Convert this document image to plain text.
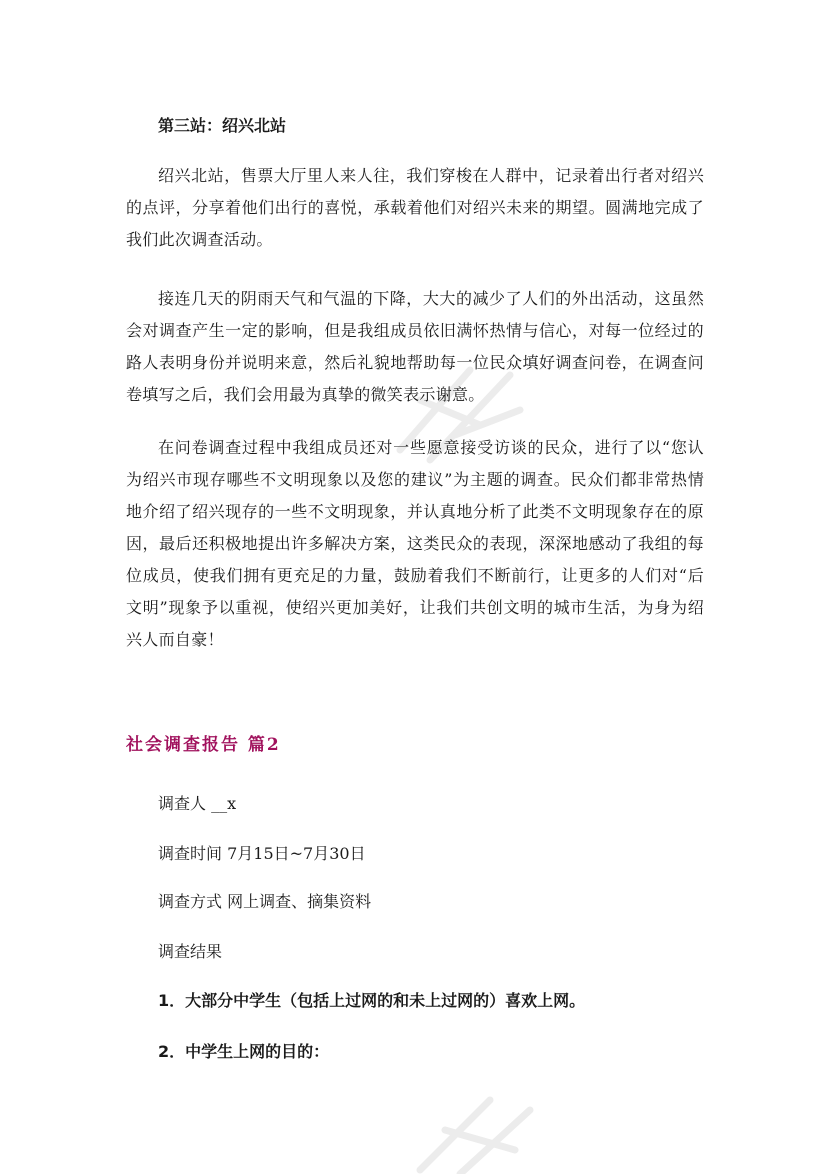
第三站：绍兴北站

绍兴北站，售票大厅里人来人往，我们穿梭在人群中，记录着出行者对绍兴的点评，分享着他们出行的喜悦，承载着他们对绍兴未来的期望。圆满地完成了我们此次调查活动。

接连几天的阴雨天气和气温的下降，大大的减少了人们的外出活动，这虽然会对调查产生一定的影响，但是我组成员依旧满怀热情与信心，对每一位经过的路人表明身份并说明来意，然后礼貌地帮助每一位民众填好调查问卷，在调查问卷填写之后，我们会用最为真挚的微笑表示谢意。

在问卷调查过程中我组成员还对一些愿意接受访谈的民众，进行了以“您认为绍兴市现存哪些不文明现象以及您的建议”为主题的调查。民众们都非常热情地介绍了绍兴现存的一些不文明现象，并认真地分析了此类不文明现象存在的原因，最后还积极地提出许多解决方案，这类民众的表现，深深地感动了我组的每位成员，使我们拥有更充足的力量，鼓励着我们不断前行，让更多的人们对“后文明”现象予以重视，使绍兴更加美好，让我们共创文明的城市生活，为身为绍兴人而自豪！

社会调查报告 篇2
调查人 __x
调查时间 7月15日~7月30日
调查方式 网上调查、摘集资料
调查结果
1．大部分中学生（包括上过网的和未上过网的）喜欢上网。
2．中学生上网的目的：
